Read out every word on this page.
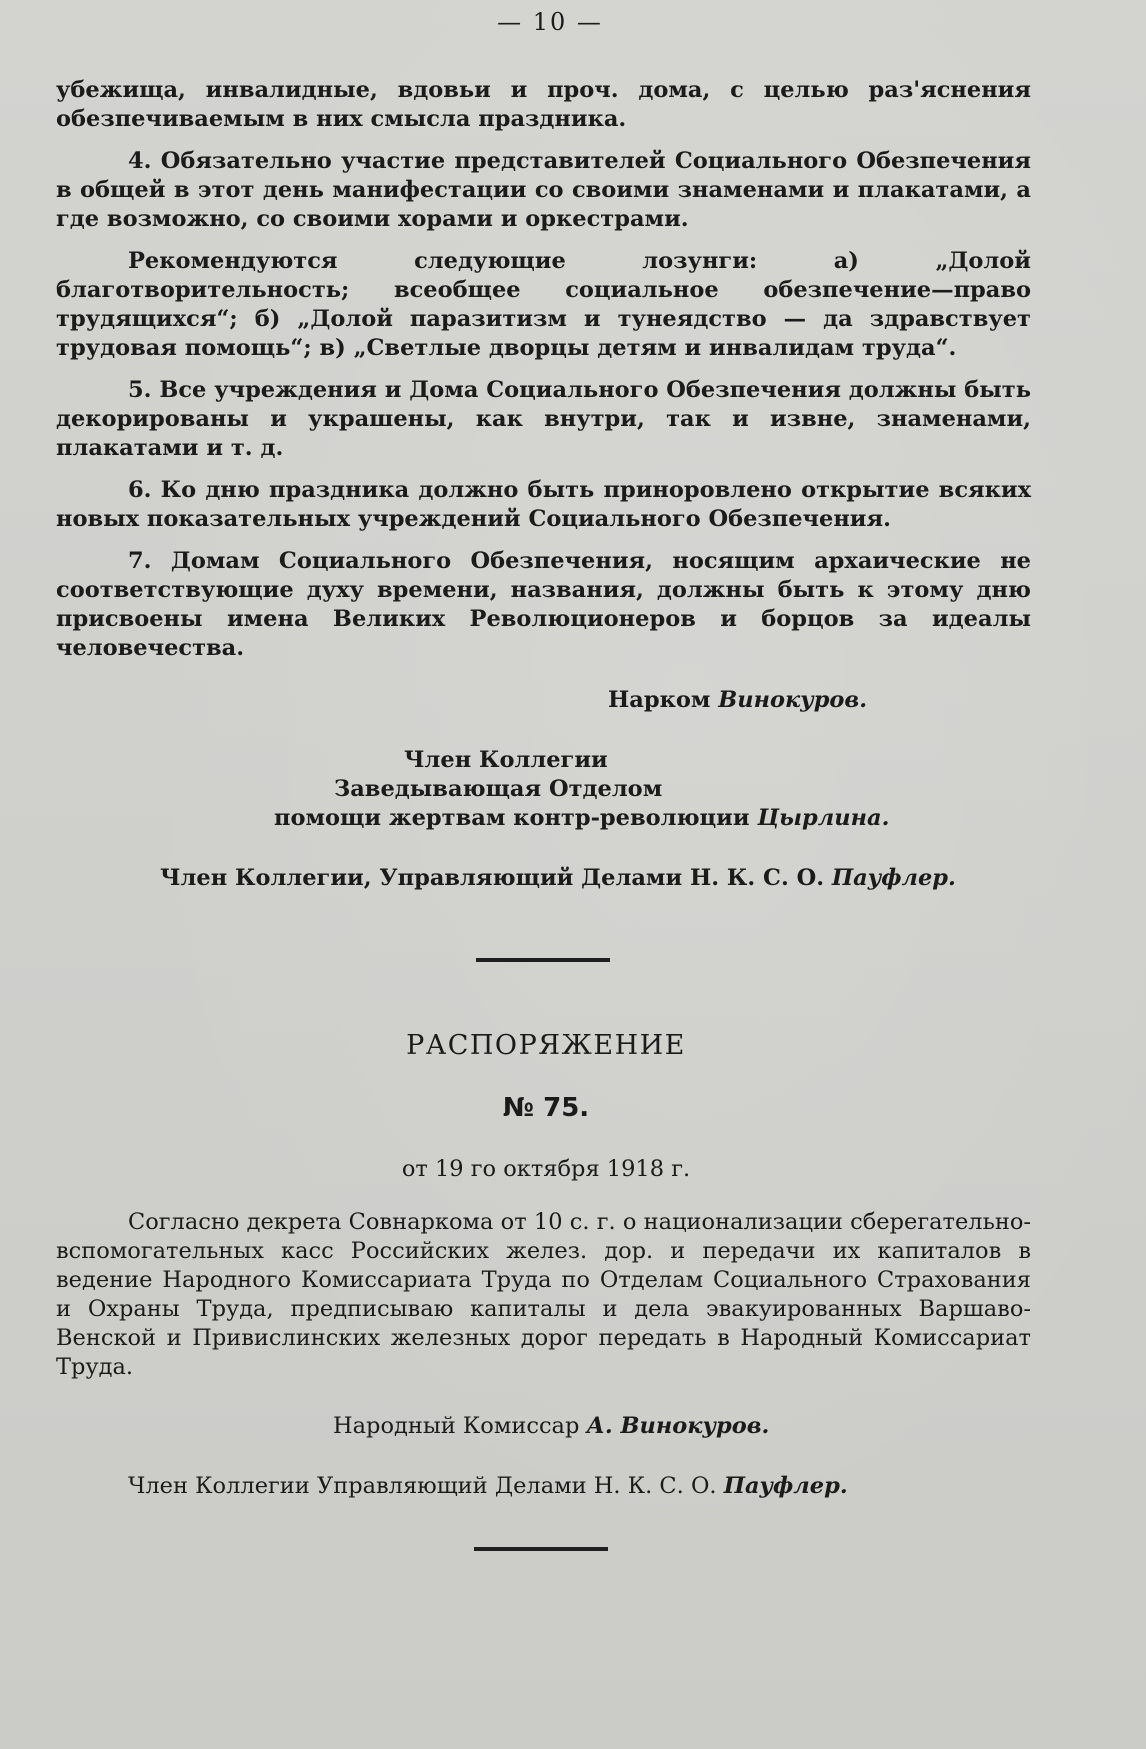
— 10 —

убежища, инвалидные, вдовьи и проч. дома, с целью раз'яснения обезпечиваемым в них смысла праздника.

4. Обязательно участие представителей Социального Обезпечения в общей в этот день манифестации со своими знаменами и плакатами, а где возможно, со своими хорами и оркестрами.

Рекомендуются следующие лозунги: а) „Долой благотворительность; всеобщее социальное обезпечение—право трудящихся“; б) „Долой паразитизм и тунеядство — да здравствует трудовая помощь“; в) „Светлые дворцы детям и инвалидам труда“.

5. Все учреждения и Дома Социального Обезпечения должны быть декорированы и украшены, как внутри, так и извне, знаменами, плакатами и т. д.

6. Ко дню праздника должно быть приноровлено открытие всяких новых показательных учреждений Социального Обезпечения.

7. Домам Социального Обезпечения, носящим архаические не соответствующие духу времени, названия, должны быть к этому дню присвоены имена Великих Революционеров и борцов за идеалы человечества.

Нарком Винокуров.
Член Коллегии
Заведывающая Отделом
помощи жертвам контр-революции Цырлина.
Член Коллегии, Управляющий Делами Н. К. С. О. Пауфлер.
РАСПОРЯЖЕНИЕ
№ 75.
от 19 го октября 1918 г.
Согласно декрета Совнаркома от 10 с. г. о национализации сберегательно-вспомогательных касс Российских желез. дор. и передачи их капиталов в ведение Народного Комиссариата Труда по Отделам Социального Страхования и Охраны Труда, предписываю капиталы и дела эвакуированных Варшаво-Венской и Привислинских железных дорог передать в Народный Комиссариат Труда.
Народный Комиссар А. Винокуров.
Член Коллегии Управляющий Делами Н. К. С. О. Пауфлер.
